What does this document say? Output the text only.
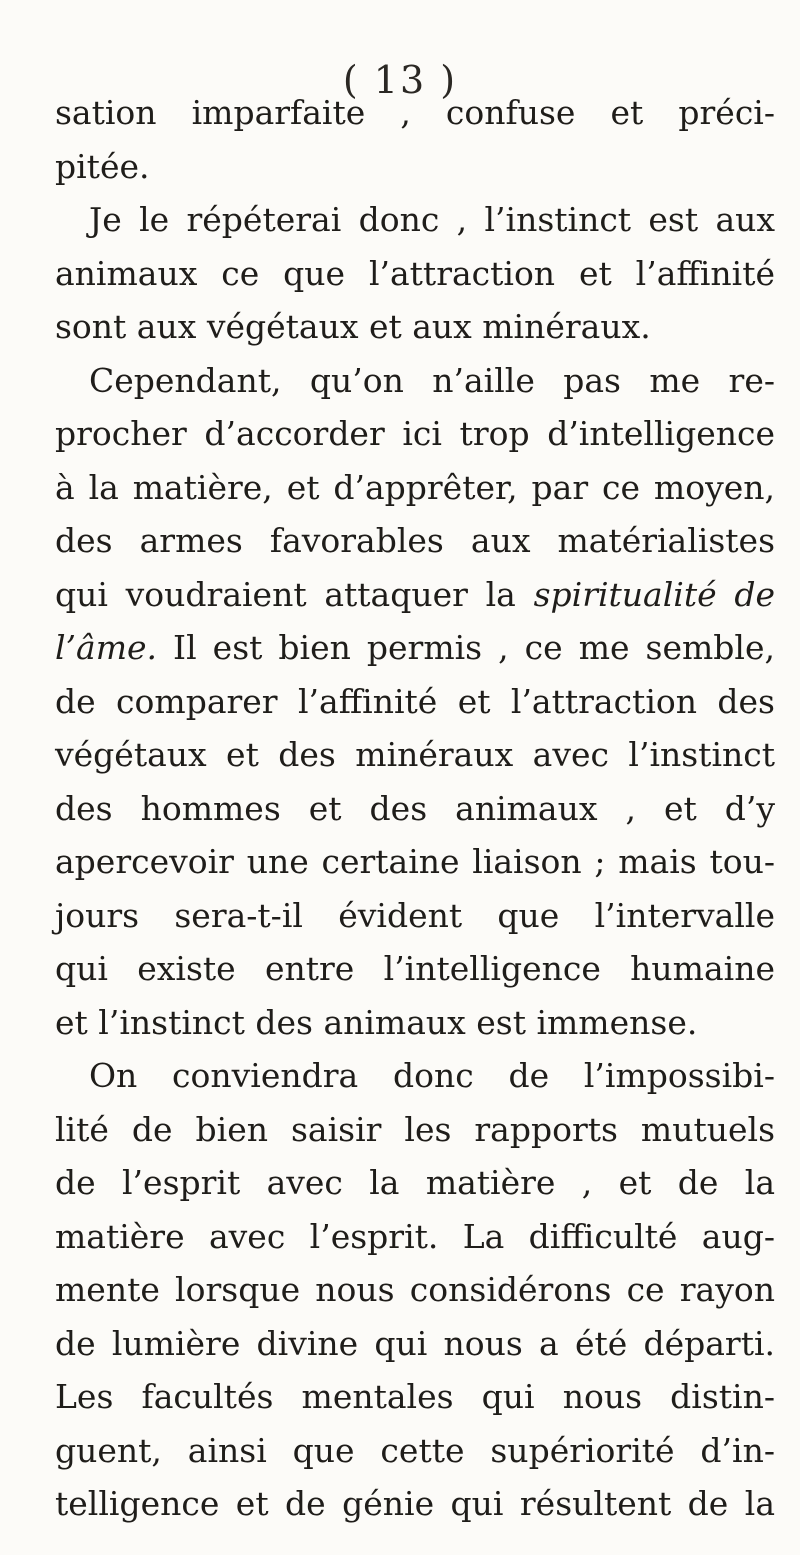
( 13 )
sation imparfaite , confuse et préci-
pitée.
Je le répéterai donc , l’instinct est aux
animaux ce que l’attraction et l’affinité
sont aux végétaux et aux minéraux.
Cependant, qu’on n’aille pas me re-
procher d’accorder ici trop d’intelligence
à la matière, et d’apprêter, par ce moyen,
des armes favorables aux matérialistes
qui voudraient attaquer la spiritualité de
l’âme. Il est bien permis , ce me semble,
de comparer l’affinité et l’attraction des
végétaux et des minéraux avec l’instinct
des hommes et des animaux , et d’y
apercevoir une certaine liaison ; mais tou-
jours sera-t-il évident que l’intervalle
qui existe entre l’intelligence humaine
et l’instinct des animaux est immense.
On conviendra donc de l’impossibi-
lité de bien saisir les rapports mutuels
de l’esprit avec la matière , et de la
matière avec l’esprit. La difficulté aug-
mente lorsque nous considérons ce rayon
de lumière divine qui nous a été départi.
Les facultés mentales qui nous distin-
guent, ainsi que cette supériorité d’in-
telligence et de génie qui résultent de la
